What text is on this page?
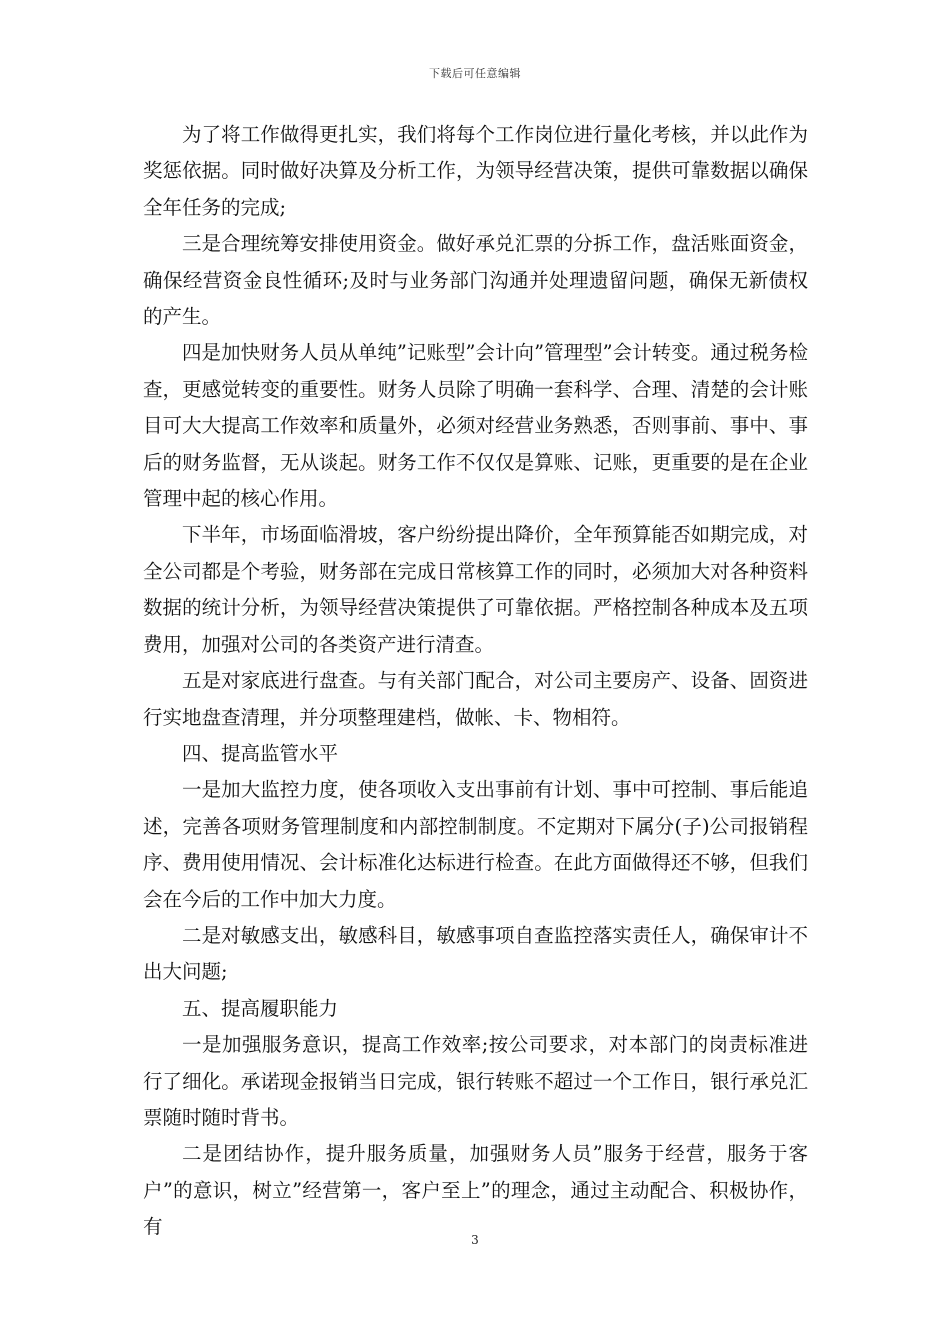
下载后可任意编辑

为了将工作做得更扎实，我们将每个工作岗位进行量化考核，并以此作为奖惩依据。同时做好决算及分析工作，为领导经营决策，提供可靠数据以确保全年任务的完成;

三是合理统筹安排使用资金。做好承兑汇票的分拆工作，盘活账面资金，确保经营资金良性循环;及时与业务部门沟通并处理遗留问题，确保无新债权的产生。

四是加快财务人员从单纯”记账型”会计向”管理型”会计转变。通过税务检查，更感觉转变的重要性。财务人员除了明确一套科学、合理、清楚的会计账目可大大提高工作效率和质量外，必须对经营业务熟悉，否则事前、事中、事后的财务监督，无从谈起。财务工作不仅仅是算账、记账，更重要的是在企业管理中起的核心作用。

下半年，市场面临滑坡，客户纷纷提出降价，全年预算能否如期完成，对全公司都是个考验，财务部在完成日常核算工作的同时，必须加大对各种资料数据的统计分析，为领导经营决策提供了可靠依据。严格控制各种成本及五项费用，加强对公司的各类资产进行清查。

五是对家底进行盘查。与有关部门配合，对公司主要房产、设备、固资进行实地盘查清理，并分项整理建档，做帐、卡、物相符。

四、提高监管水平

一是加大监控力度，使各项收入支出事前有计划、事中可控制、事后能追述，完善各项财务管理制度和内部控制制度。不定期对下属分(子)公司报销程序、费用使用情况、会计标准化达标进行检查。在此方面做得还不够，但我们会在今后的工作中加大力度。

二是对敏感支出，敏感科目，敏感事项自查监控落实责任人，确保审计不出大问题;

五、提高履职能力

一是加强服务意识，提高工作效率;按公司要求，对本部门的岗责标准进行了细化。承诺现金报销当日完成，银行转账不超过一个工作日，银行承兑汇票随时随时背书。

二是团结协作，提升服务质量，加强财务人员”服务于经营，服务于客户”的意识，树立”经营第一，客户至上”的理念，通过主动配合、积极协作，有

3
